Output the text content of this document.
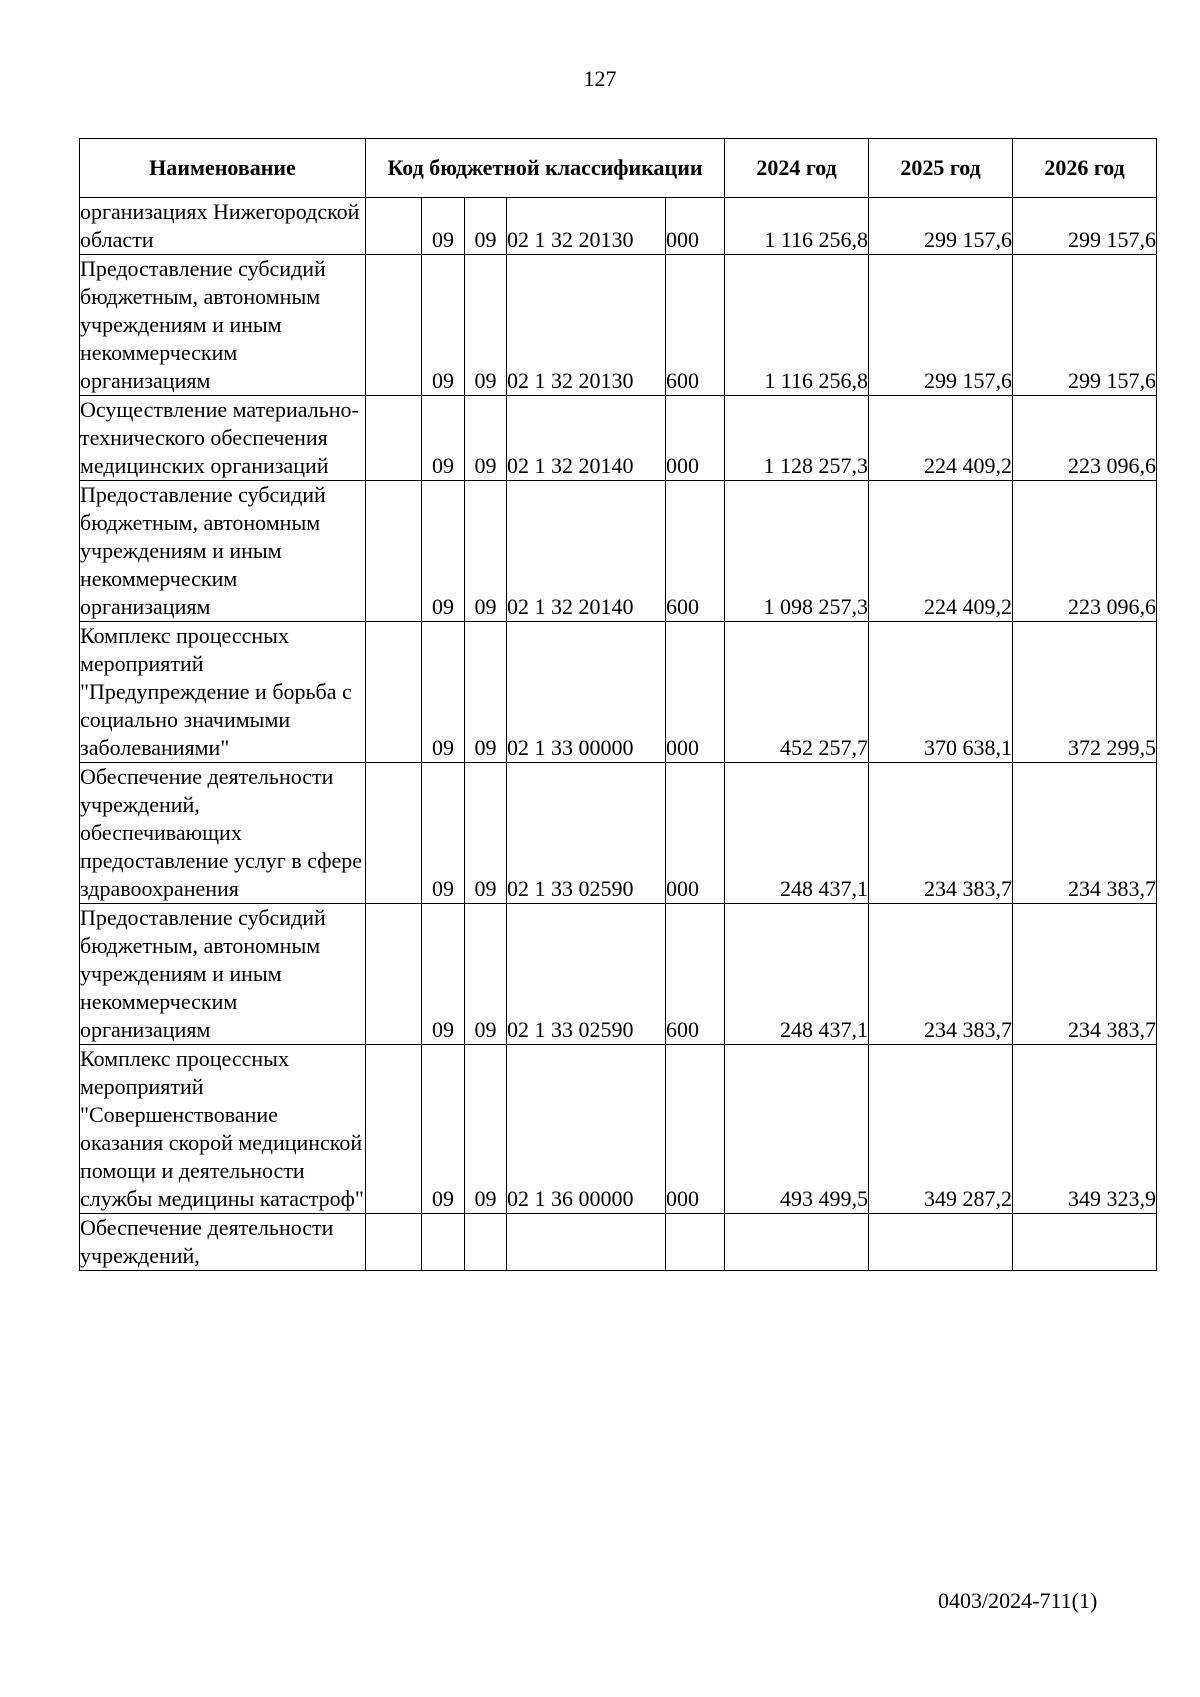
127
Наименование	Код бюджетной классификации					2024 год	2025 год	2026 год
организациях Нижегородской области		09	09	02 1 32 20130	000	1 116 256,8	299 157,6	299 157,6
Предоставление субсидий бюджетным, автономным учреждениям и иным некоммерческим организациям		09	09	02 1 32 20130	600	1 116 256,8	299 157,6	299 157,6
Осуществление материально-технического обеспечения медицинских организаций		09	09	02 1 32 20140	000	1 128 257,3	224 409,2	223 096,6
Предоставление субсидий бюджетным, автономным учреждениям и иным некоммерческим организациям		09	09	02 1 32 20140	600	1 098 257,3	224 409,2	223 096,6
Комплекс процессных мероприятий "Предупреждение и борьба с социально значимыми заболеваниями"		09	09	02 1 33 00000	000	452 257,7	370 638,1	372 299,5
Обеспечение деятельности учреждений, обеспечивающих предоставление услуг в сфере здравоохранения		09	09	02 1 33 02590	000	248 437,1	234 383,7	234 383,7
Предоставление субсидий бюджетным, автономным учреждениям и иным некоммерческим организациям		09	09	02 1 33 02590	600	248 437,1	234 383,7	234 383,7
Комплекс процессных мероприятий "Совершенствование оказания скорой медицинской помощи и деятельности службы медицины катастроф"		09	09	02 1 36 00000	000	493 499,5	349 287,2	349 323,9
Обеспечение деятельности учреждений,								
0403/2024-711(1)
